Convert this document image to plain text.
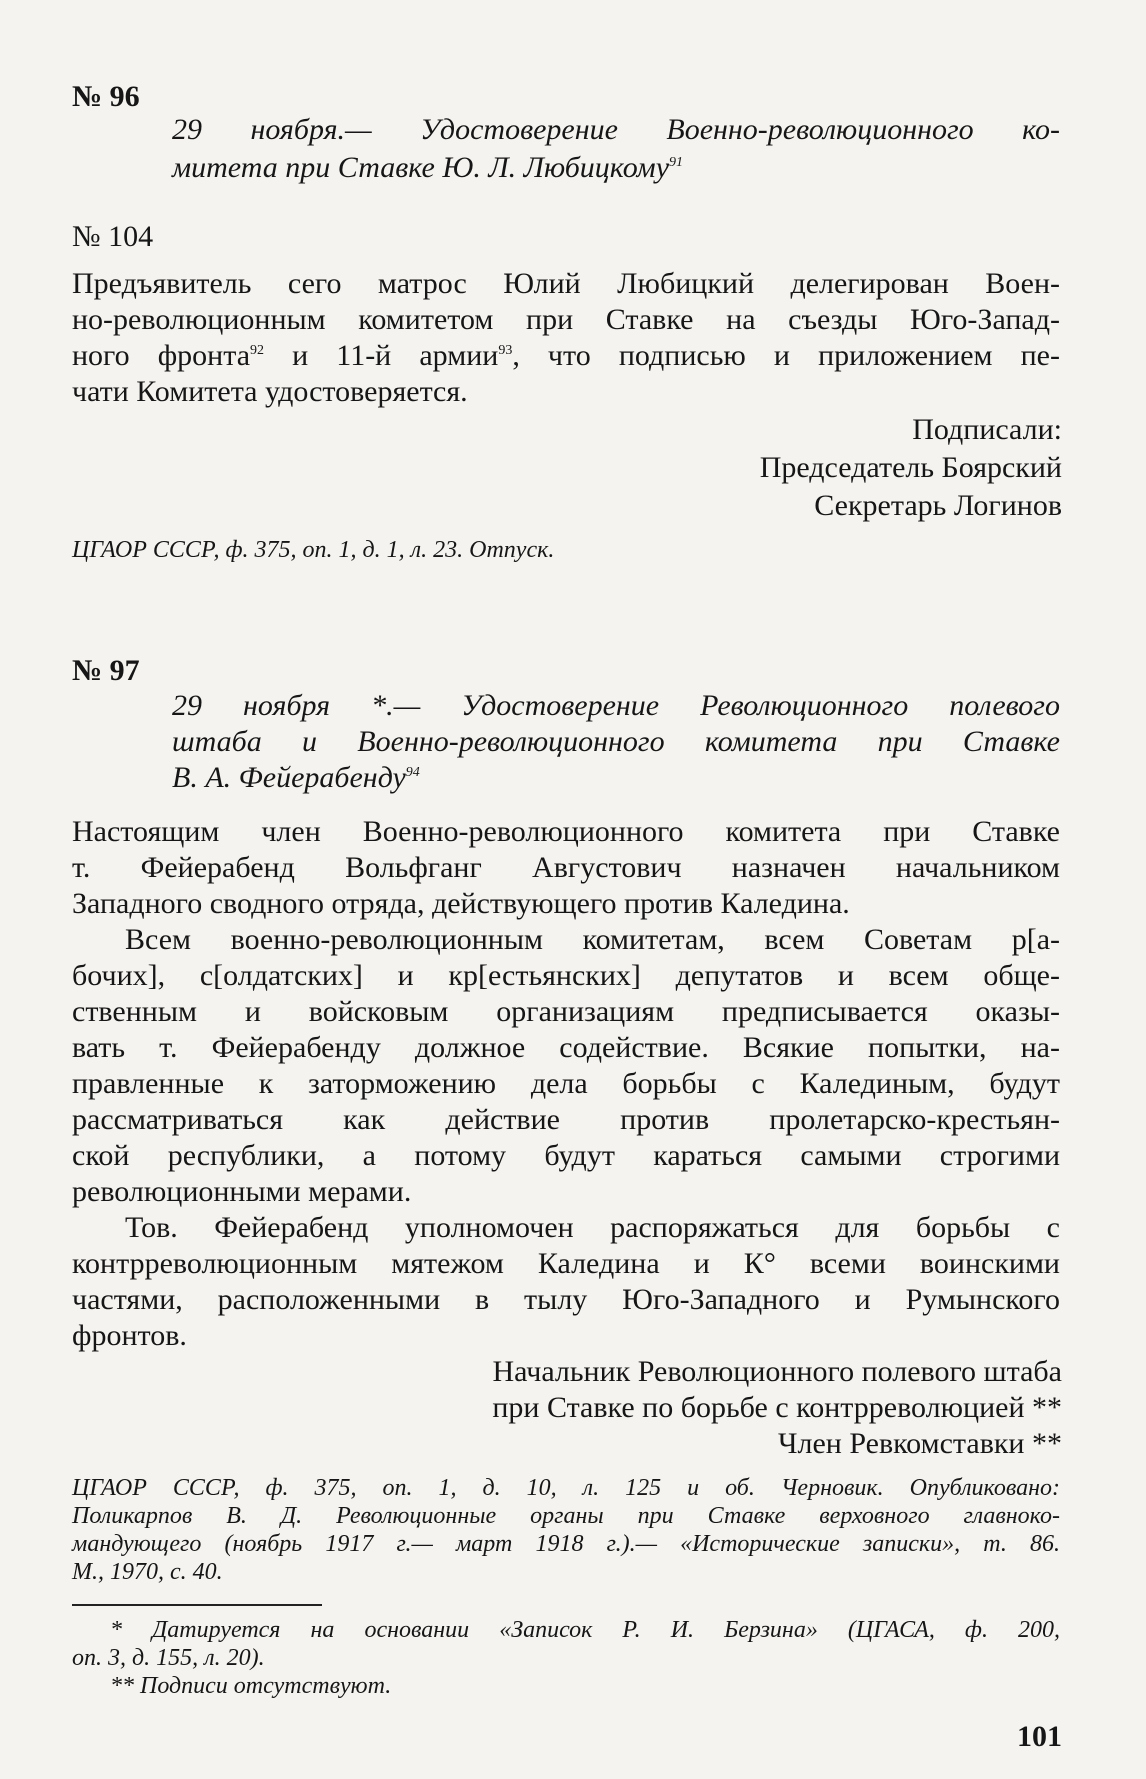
№ 96
29 ноября.— Удостоверение Военно-революционного ко-
митета при Ставке Ю. Л. Любицкому$^{91}$
№ 104
Предъявитель сего матрос Юлий Любицкий делегирован Воен-
но-революционным комитетом при Ставке на съезды Юго-Запад-
ного фронта$^{92}$ и 11-й армии$^{93}$, что подписью и приложением пе-
чати Комитета удостоверяется.
Подписали:
Председатель Боярский
Секретарь Логинов
ЦГАОР СССР, ф. 375, оп. 1, д. 1, л. 23. Отпуск.
№ 97
29 ноября *.— Удостоверение Революционного полевого
штаба и Военно-революционного комитета при Ставке
В. А. Фейерабенду$^{94}$
Настоящим член Военно-революционного комитета при Ставке
т. Фейерабенд Вольфганг Августович назначен начальником
Западного сводного отряда, действующего против Каледина.
Всем военно-революционным комитетам, всем Советам р[а-
бочих], с[олдатских] и кр[естьянских] депутатов и всем обще-
ственным и войсковым организациям предписывается оказы-
вать т. Фейерабенду должное содействие. Всякие попытки, на-
правленные к заторможению дела борьбы с Калединым, будут
рассматриваться как действие против пролетарско-крестьян-
ской республики, а потому будут караться самыми строгими
революционными мерами.
Тов. Фейерабенд уполномочен распоряжаться для борьбы с
контрреволюционным мятежом Каледина и К° всеми воинскими
частями, расположенными в тылу Юго-Западного и Румынского
фронтов.
Начальник Революционного полевого штаба
при Ставке по борьбе с контрреволюцией **
Член Ревкомставки **
ЦГАОР СССР, ф. 375, оп. 1, д. 10, л. 125 и об. Черновик. Опубликовано:
Поликарпов В. Д. Революционные органы при Ставке верховного главноко-
мандующего (ноябрь 1917 г.— март 1918 г.).— «Исторические записки», т. 86.
М., 1970, с. 40.
* Датируется на основании «Записок Р. И. Берзина» (ЦГАСА, ф. 200,
оп. 3, д. 155, л. 20).
** Подписи отсутствуют.
101
